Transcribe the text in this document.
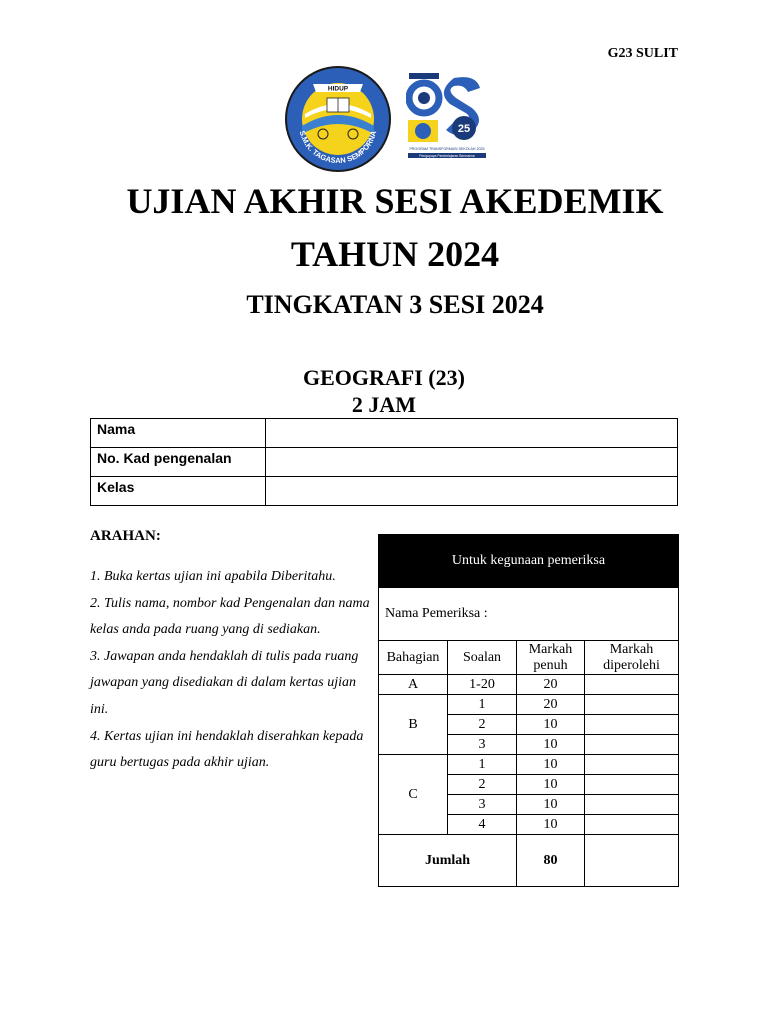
G23 SULIT
HIDUP
S.M.K. TAGASAN SEMPORNA	25
PROGRAM TRANSFORMASI SEKOLAH 2025
Pengupaya Pembelajaran Bermakna
UJIAN AKHIR SESI AKEDEMIK
TAHUN 2024
TINGKATAN 3 SESI 2024
GEOGRAFI (23)
2 JAM
Nama	
No. Kad pengenalan	
Kelas	
ARAHAN:

1. Buka kertas ujian ini apabila Diberitahu.

2. Tulis nama, nombor kad Pengenalan dan nama kelas anda pada ruang yang di sediakan.

3. Jawapan anda hendaklah di tulis pada ruang jawapan yang disediakan di dalam kertas ujian ini.

4. Kertas ujian ini hendaklah diserahkan kepada guru bertugas pada akhir ujian.

Untuk kegunaan pemeriksa			
Nama Pemeriksa :			
Bahagian	Soalan	Markah penuh	Markah diperolehi
A	1-20	20	
B	1	20	
	2	10	
	3	10	
C	1	10	
	2	10	
	3	10	
	4	10	
Jumlah		80	
